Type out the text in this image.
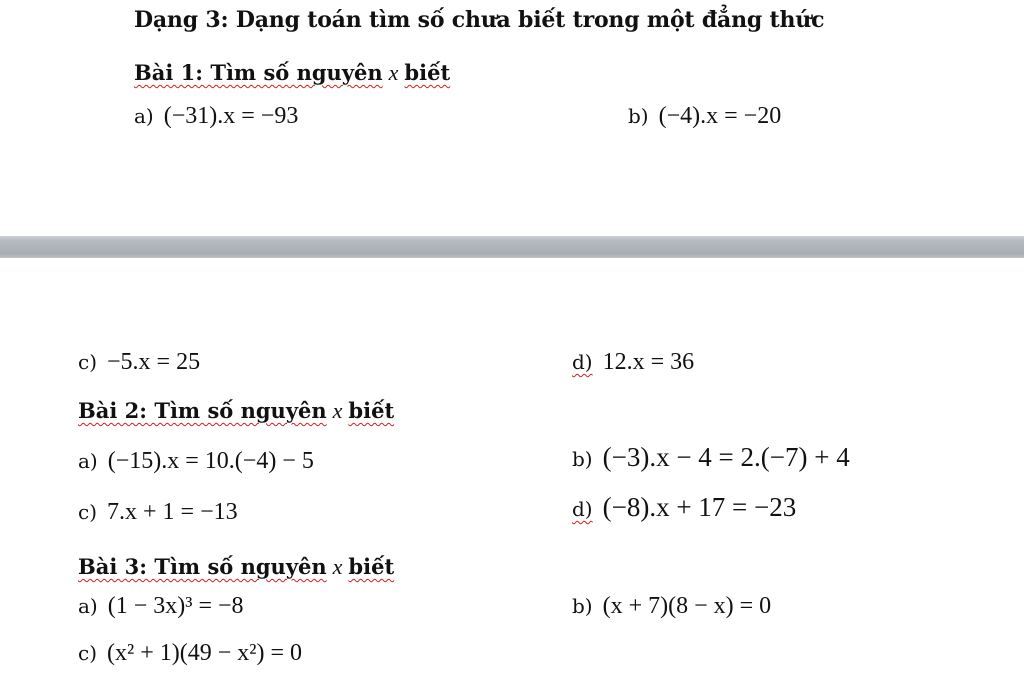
Dạng 3: Dạng toán tìm số chưa biết trong một đẳng thức
Bài 1: Tìm số nguyên x biết
a) (−31).x = −93	b) (−4).x = −20
c) −5.x = 25	d) 12.x = 36
Bài 2: Tìm số nguyên x biết
a) (−15).x = 10.(−4) − 5	b) (−3).x − 4 = 2.(−7) + 4
c) 7.x + 1 = −13	d) (−8).x + 17 = −23
Bài 3: Tìm số nguyên x biết
a) (1 − 3x)³ = −8	b) (x + 7)(8 − x) = 0
c) (x² + 1)(49 − x²) = 0
